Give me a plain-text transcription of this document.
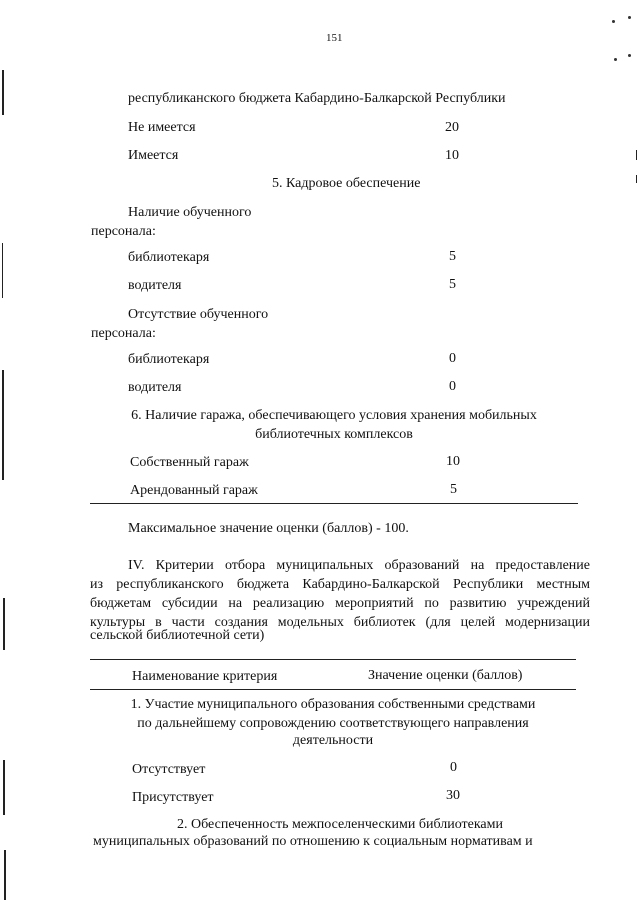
151
республиканского бюджета Кабардино-Балкарской Республики
Не имеется	20
Имеется	10
5. Кадровое обеспечение
Наличие обученного
персонала:
библиотекаря	5
водителя	5
Отсутствие обученного
персонала:
библиотекаря	0
водителя	0
6. Наличие гаража, обеспечивающего условия хранения мобильных
библиотечных комплексов
Собственный гараж	10
Арендованный гараж	5
Максимальное значение оценки (баллов) - 100.
IV. Критерии отбора муниципальных образований на предоставление
из республиканского бюджета Кабардино-Балкарской Республики местным
бюджетам субсидии на реализацию мероприятий по развитию учреждений
культуры в части создания модельных библиотек (для целей модернизации
сельской библиотечной сети)
Наименование критерия	Значение оценки (баллов)
1. Участие муниципального образования собственными средствами
по дальнейшему сопровождению соответствующего направления
деятельности
Отсутствует	0
Присутствует	30
2. Обеспеченность межпоселенческими библиотеками
муниципальных образований по отношению к социальным нормативам и
